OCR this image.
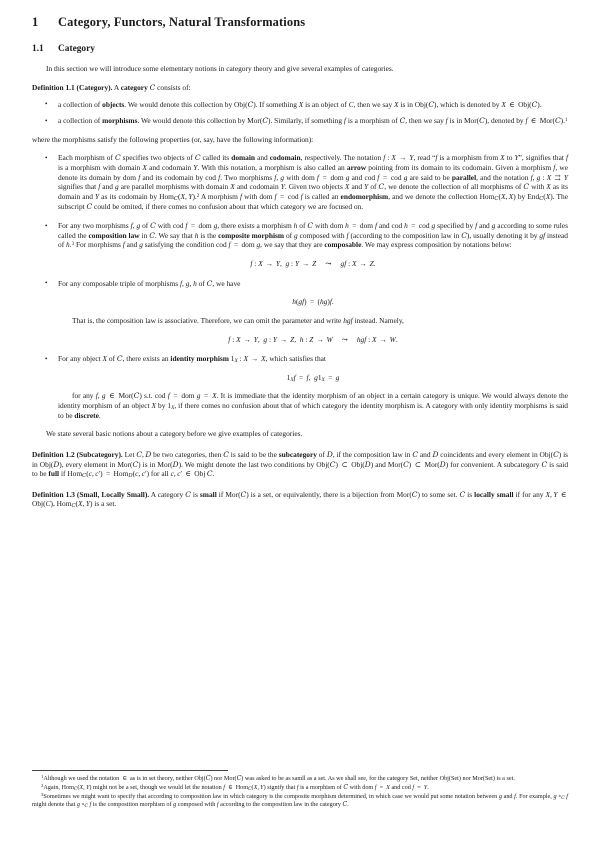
1 Category, Functors, Natural Transformations
1.1 Category

In this section we will introduce some elementary notions in category theory and give several examples of categories.

Definition 1.1 (Category). A category C consists of:

• a collection of objects. We would denote this collection by Obj(C). If something X is an object of C, then we say X is in Obj(C), which is denoted by X ∈ Obj(C).
• a collection of morphisms. We would denote this collection by Mor(C). Similarly, if something f is a morphism of C, then we say f is in Mor(C), denoted by f ∈ Mor(C).$^1$

where the morphisms satisfy the following properties (or, say, have the following information):

• Each morphism of C specifies two objects of C called its domain and codomain, respectively. The notation f : X → Y, read “f is a morphism from X to Y”, signifies that f is a morphism with domain X and codomain Y. With this notation, a morphism is also called an arrow pointing from its domain to its codomain. Given a morphism f, we denote its domain by dom f and its codomain by cod f. Two morphisms f, g with dom f = dom g and cod f = cod g are said to be parallel, and the notation f, g : X ⇉ Y signifies that f and g are parallel morphisms with domain X and codomain Y. Given two objects X and Y of C, we denote the collection of all morphisms of C with X as its domain and Y as its codomain by Hom$_C$(X, Y).$^2$ A morphism f with dom f = cod f is called an endomorphism, and we denote the collection Hom$_C$(X, X) by End$_C$(X). The subscript C could be omited, if there comes no confusion about that which category we are focused on.
• For any two morphisms f, g of C with cod f = dom g, there exists a morphism h of C with dom h = dom f and cod h = cod g specified by f and g according to some rules called the composition law in C. We say that h is the composite morphism of g composed with f (according to the composition law in C), usually denoting it by gf instead of h.$^3$ For morphisms f and g satisfying the condition cod f = dom g, we say that they are composable. We may express composition by notations below:
f : X → Y, g : Y → Z ⤳ gf : X → Z.
• For any composable triple of morphisms f, g, h of C, we have
h(gf) = (hg)f.
That is, the composition law is associative. Therefore, we can omit the parameter and write hgf instead. Namely,
f : X → Y, g : Y → Z, h : Z → W ⤳ hgf : X → W.
• For any object X of C, there exists an identity morphism $1_X$ : X → X, which satisfies that
$1_Xf = f$, $g1_X = g$
for any f, g ∈ Mor(C) s.t. cod f = dom g = X. It is immediate that the identity morphism of an object in a certain category is unique. We would always denote the identity morphism of an object X by $1_X$, if there comes no confusion about that of which category the identity morphism is. A category with only identity morphisms is said to be discrete.

We state several basic notions about a category before we give examples of categories.

Definition 1.2 (Subcategory). Let C, D be two categories, then C is said to be the subcategory of D, if the composition law in C and D coincidents and every element in Obj(C) is in Obj(D), every element in Mor(C) is in Mor(D). We might denote the last two conditions by Obj(C) ⊂ Obj(D) and Mor(C) ⊂ Mor(D) for convenient. A subcategory C is said to be full if Hom$_C$(c, c′) = Hom$_D$(c, c′) for all c, c′ ∈ Obj C.

Definition 1.3 (Small, Locally Small). A category C is small if Mor(C) is a set, or equivalently, there is a bijection from Mor(C) to some set. C is locally small if for any X, Y ∈ Obj(C), Hom$_C$(X, Y) is a set.

$^1$Although we used the notation ∈ as is in set theory, neither Obj(C) nor Mor(C) was asked to be as samll as a set. As we shall see, for the category Set, neither Obj(Set) nor Mor(Set) is a set.

$^2$Again, Hom$_C$(X, Y) might not be a set, though we would let the notation f ∈ Hom$_C$(X, Y) signify that f is a morphism of C with dom f = X and cod f = Y.

$^3$Sometimes we might want to specify that according to composition law in which category is the composite morphism determined, in which case we would put some notation between g and f. For example, g $\circ_C$ f might denote that g $\circ_C$ f is the composition morphism of g composed with f according to the composition law in the category C.
